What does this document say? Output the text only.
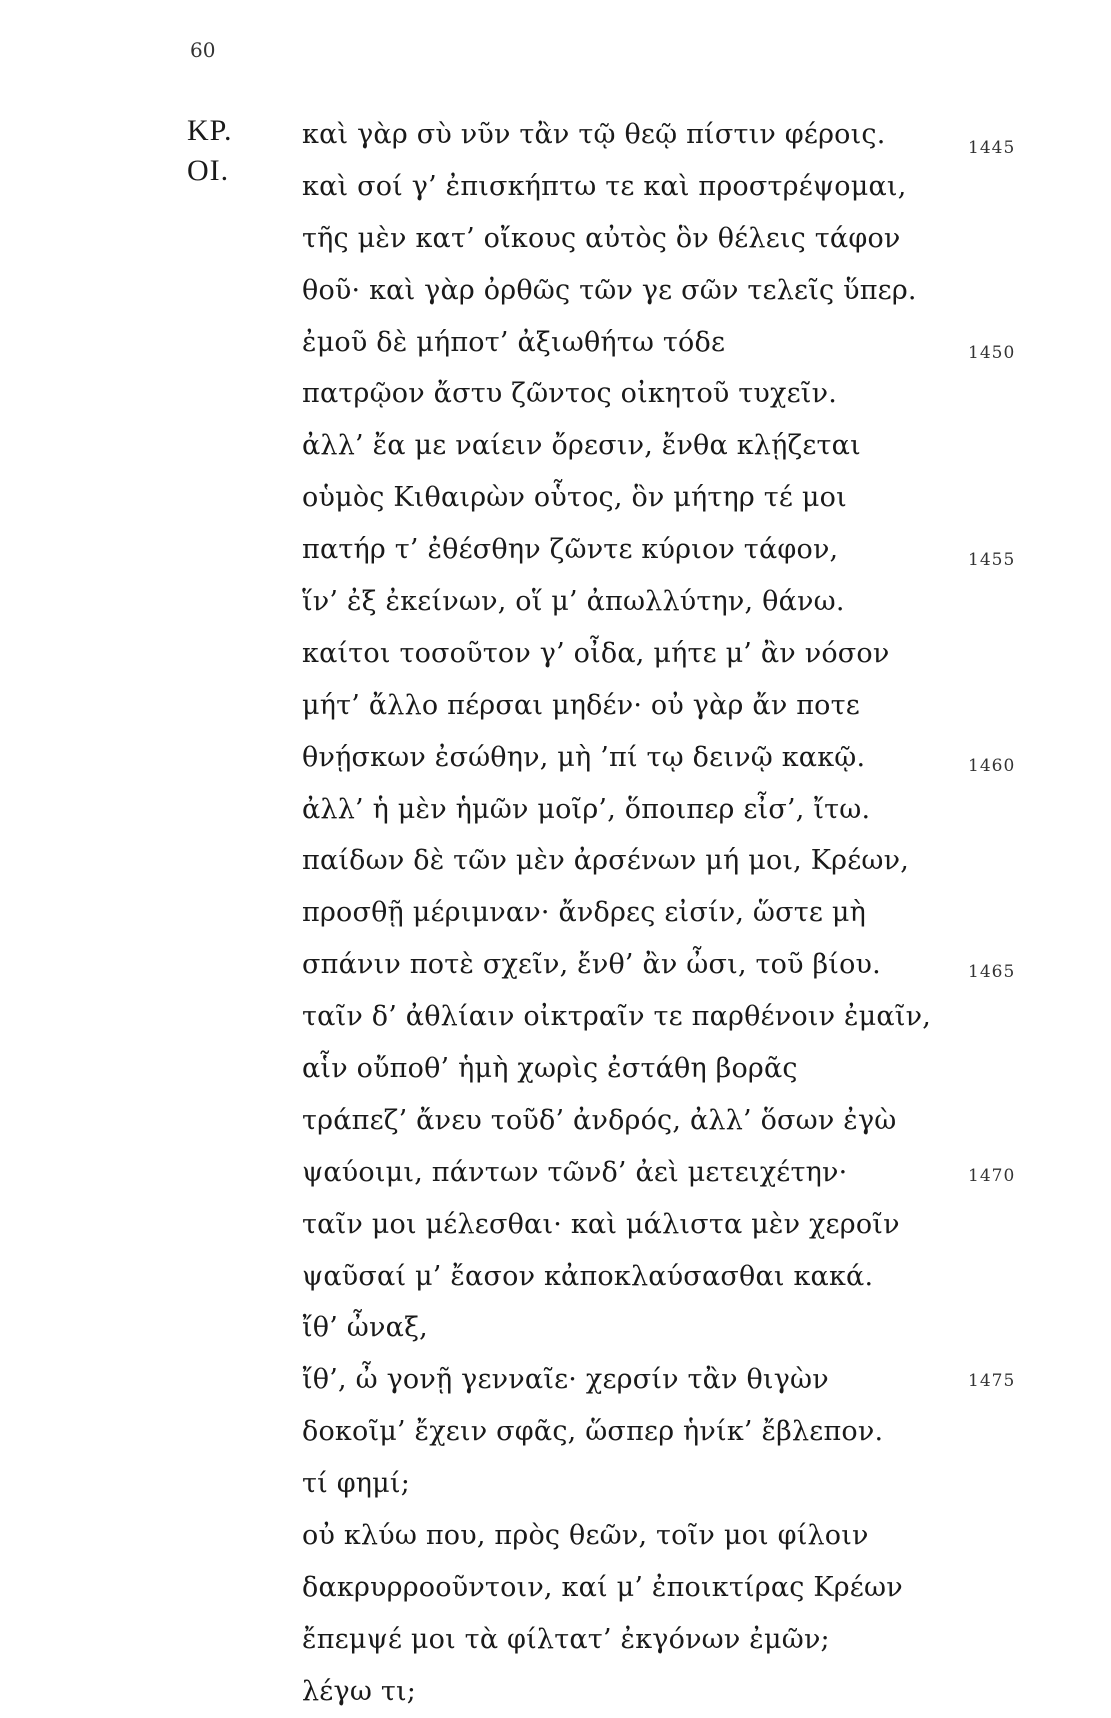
60
ΚΡ.
ΟΙ.
καὶ γὰρ σὺ νῦν τἂν τῷ θεῷ πίστιν φέροις.
καὶ σοί γ’ ἐπισκήπτω τε καὶ προστρέψομαι,
τῆς μὲν κατ’ οἴκους αὐτὸς ὃν θέλεις τάφον
θοῦ· καὶ γὰρ ὀρθῶς τῶν γε σῶν τελεῖς ὕπερ.
ἐμοῦ δὲ μήποτ’ ἀξιωθήτω τόδε
πατρῷον ἄστυ ζῶντος οἰκητοῦ τυχεῖν.
ἀλλ’ ἔα με ναίειν ὄρεσιν, ἔνθα κλῄζεται
οὑμὸς Κιθαιρὼν οὗτος, ὃν μήτηρ τέ μοι
πατήρ τ’ ἐθέσθην ζῶντε κύριον τάφον,
ἵν’ ἐξ ἐκείνων, οἵ μ’ ἀπωλλύτην, θάνω.
καίτοι τοσοῦτον γ’ οἶδα, μήτε μ’ ἂν νόσον
μήτ’ ἄλλο πέρσαι μηδέν· οὐ γὰρ ἄν ποτε
θνῄσκων ἐσώθην, μὴ ’πί τῳ δεινῷ κακῷ.
ἀλλ’ ἡ μὲν ἡμῶν μοῖρ’, ὅποιπερ εἶσ’, ἴτω.
παίδων δὲ τῶν μὲν ἀρσένων μή μοι, Κρέων,
προσθῇ μέριμναν· ἄνδρες εἰσίν, ὥστε μὴ
σπάνιν ποτὲ σχεῖν, ἔνθ’ ἂν ὦσι, τοῦ βίου.
ταῖν δ’ ἀθλίαιν οἰκτραῖν τε παρθένοιν ἐμαῖν,
αἷν οὔποθ’ ἡμὴ χωρὶς ἐστάθη βορᾶς
τράπεζ’ ἄνευ τοῦδ’ ἀνδρός, ἀλλ’ ὅσων ἐγὼ
ψαύοιμι, πάντων τῶνδ’ ἀεὶ μετειχέτην·
ταῖν μοι μέλεσθαι· καὶ μάλιστα μὲν χεροῖν
ψαῦσαί μ’ ἔασον κἀποκλαύσασθαι κακά.
ἴθ’ ὦναξ,
ἴθ’, ὦ γονῇ γενναῖε· χερσίν τἂν θιγὼν
δοκοῖμ’ ἔχειν σφᾶς, ὥσπερ ἡνίκ’ ἔβλεπον.
τί φημί;
οὐ κλύω που, πρὸς θεῶν, τοῖν μοι φίλοιν
δακρυρροοῦντοιν, καί μ’ ἐποικτίρας Κρέων
ἔπεμψέ μοι τὰ φίλτατ’ ἐκγόνων ἐμῶν;
λέγω τι;
1445
1450
1455
1460
1465
1470
1475
